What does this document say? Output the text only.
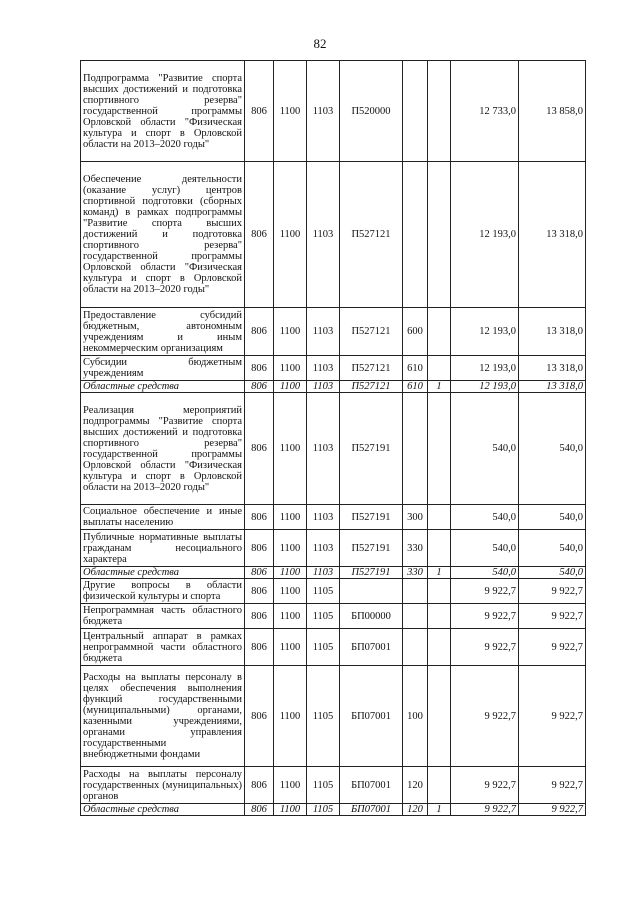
82
Подпрограмма "Развитие спорта высших достижений и подготовка спортивного резерва" государственной программы Орловской области "Физическая культура и спорт в Орловской области на 2013–2020 годы"	806	1100	1103	П520000			12 733,0	13 858,0
Обеспечение деятельности (оказание услуг) центров спортивной подготовки (сборных команд) в рамках подпрограммы "Развитие спорта высших достижений и подготовка спортивного резерва" государственной программы Орловской области "Физическая культура и спорт в Орловской области на 2013–2020 годы"	806	1100	1103	П527121			12 193,0	13 318,0
Предоставление субсидий бюджетным, автономным учреждениям и иным некоммерческим организациям	806	1100	1103	П527121	600		12 193,0	13 318,0
Субсидии бюджетным учреждениям	806	1100	1103	П527121	610		12 193,0	13 318,0
Областные средства	806	1100	1103	П527121	610	1	12 193,0	13 318,0
Реализация мероприятий подпрограммы "Развитие спорта высших достижений и подготовка спортивного резерва" государственной программы Орловской области "Физическая культура и спорт в Орловской области на 2013–2020 годы"	806	1100	1103	П527191			540,0	540,0
Социальное обеспечение и иные выплаты населению	806	1100	1103	П527191	300		540,0	540,0
Публичные нормативные выплаты гражданам несоциального характера	806	1100	1103	П527191	330		540,0	540,0
Областные средства	806	1100	1103	П527191	330	1	540,0	540,0
Другие вопросы в области физической культуры и спорта	806	1100	1105				9 922,7	9 922,7
Непрограммная часть областного бюджета	806	1100	1105	БП00000			9 922,7	9 922,7
Центральный аппарат в рамках непрограммной части областного бюджета	806	1100	1105	БП07001			9 922,7	9 922,7
Расходы на выплаты персоналу в целях обеспечения выполнения функций государственными (муниципальными) органами, казенными учреждениями, органами управления государственными внебюджетными фондами	806	1100	1105	БП07001	100		9 922,7	9 922,7
Расходы на выплаты персоналу государственных (муниципальных) органов	806	1100	1105	БП07001	120		9 922,7	9 922,7
Областные средства	806	1100	1105	БП07001	120	1	9 922,7	9 922,7
